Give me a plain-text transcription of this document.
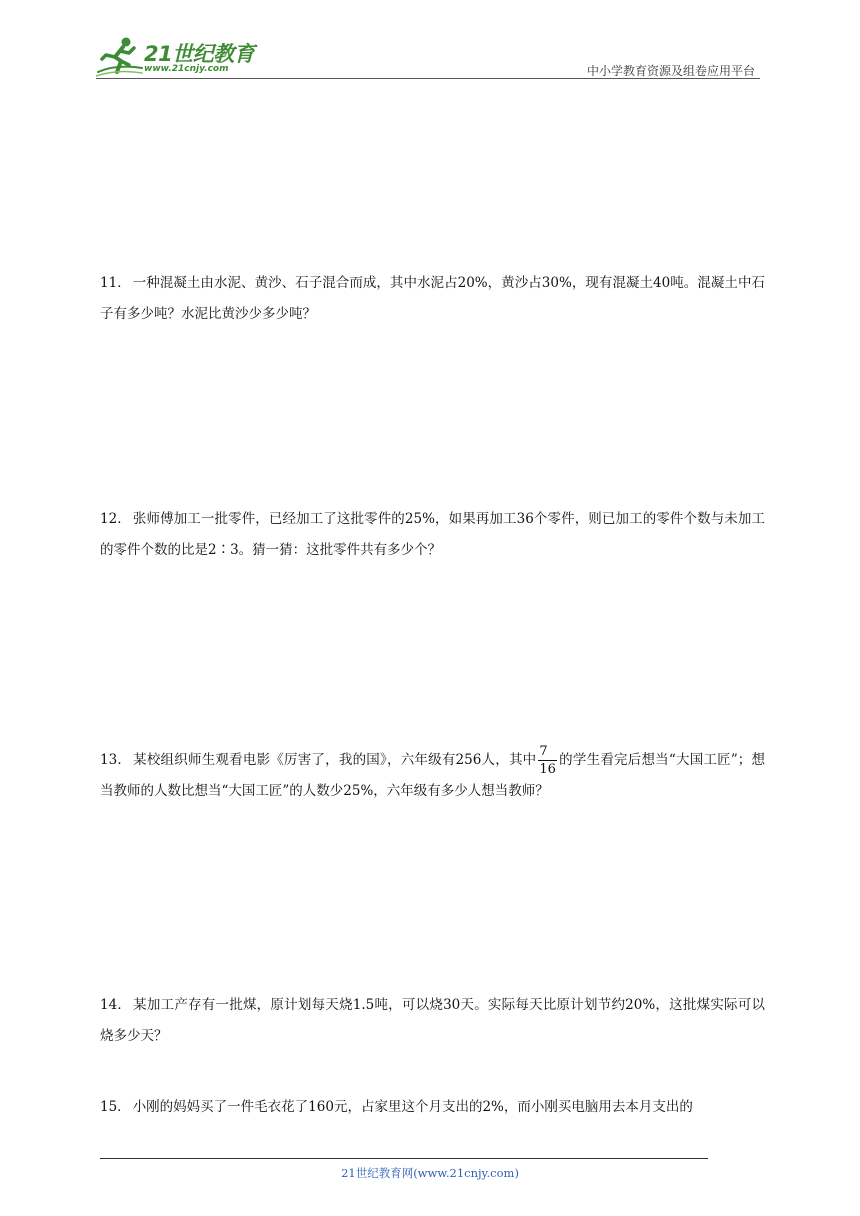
21世纪教育
www.21cnjy.com	中小学教育资源及组卷应用平台
11． 一种混凝土由水泥、黄沙、石子混合而成，其中水泥占20%，黄沙占30%，现有混凝土40吨。混凝土中石子有多少吨？水泥比黄沙少多少吨？
12． 张师傅加工一批零件，已经加工了这批零件的25%，如果再加工36个零件，则已加工的零件个数与未加工的零件个数的比是2∶3。猜一猜：这批零件共有多少个？
13． 某校组织师生观看电影《厉害了，我的国》，六年级有256人，其中 $\frac{7}{16}$ 的学生看完后想当“大国工匠”；想当教师的人数比想当“大国工匠”的人数少25%，六年级有多少人想当教师？
14． 某加工产存有一批煤，原计划每天烧1.5吨，可以烧30天。实际每天比原计划节约20%，这批煤实际可以烧多少天？
15． 小刚的妈妈买了一件毛衣花了160元，占家里这个月支出的2%，而小刚买电脑用去本月支出的
21世纪教育网(www.21cnjy.com)
